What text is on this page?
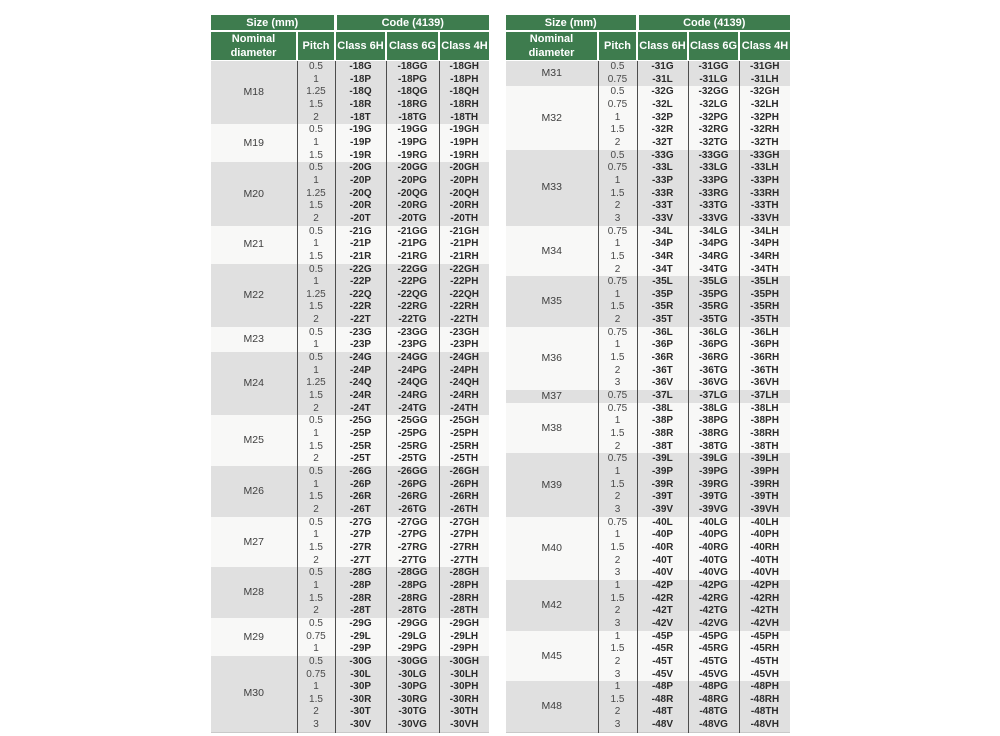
Size (mm)		Code (4139)		
Nominal diameter	Pitch	Class 6H	Class 6G	Class 4H
M18	0.5	-18G	-18GG	-18GH
	1	-18P	-18PG	-18PH
	1.25	-18Q	-18QG	-18QH
	1.5	-18R	-18RG	-18RH
	2	-18T	-18TG	-18TH
M19	0.5	-19G	-19GG	-19GH
	1	-19P	-19PG	-19PH
	1.5	-19R	-19RG	-19RH
M20	0.5	-20G	-20GG	-20GH
	1	-20P	-20PG	-20PH
	1.25	-20Q	-20QG	-20QH
	1.5	-20R	-20RG	-20RH
	2	-20T	-20TG	-20TH
M21	0.5	-21G	-21GG	-21GH
	1	-21P	-21PG	-21PH
	1.5	-21R	-21RG	-21RH
M22	0.5	-22G	-22GG	-22GH
	1	-22P	-22PG	-22PH
	1.25	-22Q	-22QG	-22QH
	1.5	-22R	-22RG	-22RH
	2	-22T	-22TG	-22TH
M23	0.5	-23G	-23GG	-23GH
	1	-23P	-23PG	-23PH
M24	0.5	-24G	-24GG	-24GH
	1	-24P	-24PG	-24PH
	1.25	-24Q	-24QG	-24QH
	1.5	-24R	-24RG	-24RH
	2	-24T	-24TG	-24TH
M25	0.5	-25G	-25GG	-25GH
	1	-25P	-25PG	-25PH
	1.5	-25R	-25RG	-25RH
	2	-25T	-25TG	-25TH
M26	0.5	-26G	-26GG	-26GH
	1	-26P	-26PG	-26PH
	1.5	-26R	-26RG	-26RH
	2	-26T	-26TG	-26TH
M27	0.5	-27G	-27GG	-27GH
	1	-27P	-27PG	-27PH
	1.5	-27R	-27RG	-27RH
	2	-27T	-27TG	-27TH
M28	0.5	-28G	-28GG	-28GH
	1	-28P	-28PG	-28PH
	1.5	-28R	-28RG	-28RH
	2	-28T	-28TG	-28TH
M29	0.5	-29G	-29GG	-29GH
	0.75	-29L	-29LG	-29LH
	1	-29P	-29PG	-29PH
M30	0.5	-30G	-30GG	-30GH
	0.75	-30L	-30LG	-30LH
	1	-30P	-30PG	-30PH
	1.5	-30R	-30RG	-30RH
	2	-30T	-30TG	-30TH
	3	-30V	-30VG	-30VH
Size (mm)		Code (4139)		
Nominal diameter	Pitch	Class 6H	Class 6G	Class 4H
M31	0.5	-31G	-31GG	-31GH
	0.75	-31L	-31LG	-31LH
M32	0.5	-32G	-32GG	-32GH
	0.75	-32L	-32LG	-32LH
	1	-32P	-32PG	-32PH
	1.5	-32R	-32RG	-32RH
	2	-32T	-32TG	-32TH
M33	0.5	-33G	-33GG	-33GH
	0.75	-33L	-33LG	-33LH
	1	-33P	-33PG	-33PH
	1.5	-33R	-33RG	-33RH
	2	-33T	-33TG	-33TH
	3	-33V	-33VG	-33VH
M34	0.75	-34L	-34LG	-34LH
	1	-34P	-34PG	-34PH
	1.5	-34R	-34RG	-34RH
	2	-34T	-34TG	-34TH
M35	0.75	-35L	-35LG	-35LH
	1	-35P	-35PG	-35PH
	1.5	-35R	-35RG	-35RH
	2	-35T	-35TG	-35TH
M36	0.75	-36L	-36LG	-36LH
	1	-36P	-36PG	-36PH
	1.5	-36R	-36RG	-36RH
	2	-36T	-36TG	-36TH
	3	-36V	-36VG	-36VH
M37	0.75	-37L	-37LG	-37LH
M38	0.75	-38L	-38LG	-38LH
	1	-38P	-38PG	-38PH
	1.5	-38R	-38RG	-38RH
	2	-38T	-38TG	-38TH
M39	0.75	-39L	-39LG	-39LH
	1	-39P	-39PG	-39PH
	1.5	-39R	-39RG	-39RH
	2	-39T	-39TG	-39TH
	3	-39V	-39VG	-39VH
M40	0.75	-40L	-40LG	-40LH
	1	-40P	-40PG	-40PH
	1.5	-40R	-40RG	-40RH
	2	-40T	-40TG	-40TH
	3	-40V	-40VG	-40VH
M42	1	-42P	-42PG	-42PH
	1.5	-42R	-42RG	-42RH
	2	-42T	-42TG	-42TH
	3	-42V	-42VG	-42VH
M45	1	-45P	-45PG	-45PH
	1.5	-45R	-45RG	-45RH
	2	-45T	-45TG	-45TH
	3	-45V	-45VG	-45VH
M48	1	-48P	-48PG	-48PH
	1.5	-48R	-48RG	-48RH
	2	-48T	-48TG	-48TH
	3	-48V	-48VG	-48VH
